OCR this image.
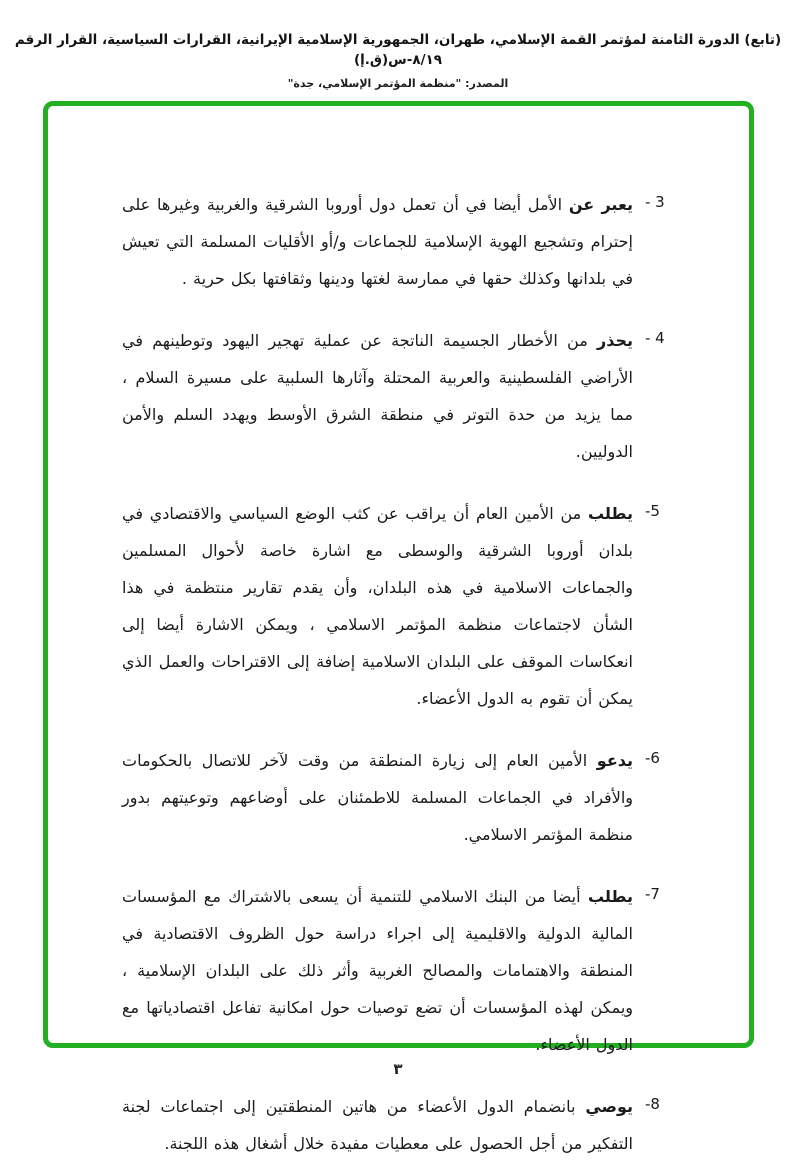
(تابع) الدورة الثامنة لمؤتمر القمة الإسلامي، طهران، الجمهورية الإسلامية الإيرانية، القرارات السياسية، القرار الرقم ٨/١٩-س(ق.إ)
المصدر: "منظمة المؤتمر الإسلامي، جدة"
- 3
يعبر عن الأمل أيضا في أن تعمل دول أوروبا الشرقية والغربية وغيرها على إحترام وتشجيع الهوية الإسلامية للجماعات و/أو الأقليات المسلمة التي تعيش في بلدانها وكذلك حقها في ممارسة لغتها ودينها وثقافتها بكل حرية .
- 4
يحذر من الأخطار الجسيمة الناتجة عن عملية تهجير اليهود وتوطينهم في الأراضي الفلسطينية والعربية المحتلة وآثارها السلبية على مسيرة السلام ، مما يزيد من حدة التوتر في منطقة الشرق الأوسط ويهدد السلم والأمن الدوليين.
-5
يطلب من الأمين العام أن يراقب عن كثب الوضع السياسي والاقتصادي في بلدان أوروبا الشرقية والوسطى مع اشارة خاصة لأحوال المسلمين والجماعات الاسلامية في هذه البلدان، وأن يقدم تقارير منتظمة في هذا الشأن لاجتماعات منظمة المؤتمر الاسلامي ، ويمكن الاشارة أيضا إلى انعكاسات الموقف على البلدان الاسلامية إضافة إلى الاقتراحات والعمل الذي يمكن أن تقوم به الدول الأعضاء.
-6
يدعو الأمين العام إلى زيارة المنطقة من وقت لآخر للاتصال بالحكومات والأفراد في الجماعات المسلمة للاطمئنان على أوضاعهم وتوعيتهم بدور منظمة المؤتمر الاسلامي.
-7
يطلب أيضا من البنك الاسلامي للتنمية أن يسعى بالاشتراك مع المؤسسات المالية الدولية والاقليمية إلى اجراء دراسة حول الظروف الاقتصادية في المنطقة والاهتمامات والمصالح الغربية وأثر ذلك على البلدان الإسلامية ، ويمكن لهذه المؤسسات أن تضع توصيات حول امكانية تفاعل اقتصادياتها مع الدول الأعضاء.
-8
يوصي بانضمام الدول الأعضاء من هاتين المنطقتين إلى اجتماعات لجنة التفكير من أجل الحصول على معطيات مفيدة خلال أشغال هذه اللجنة.
٣
